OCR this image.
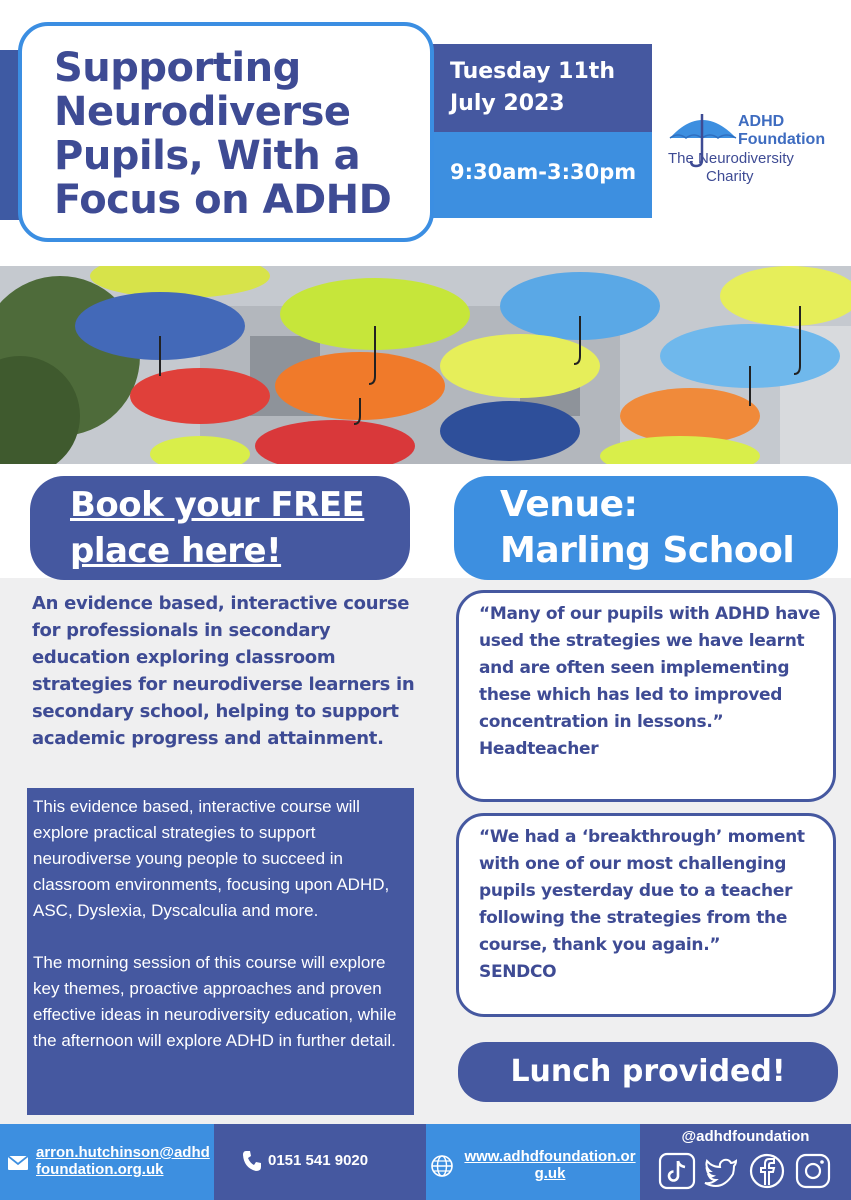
Supporting
Neurodiverse
Pupils, With a
Focus on ADHD
Tuesday 11th
July 2023
9:30am-3:30pm
ADHD
Foundation
The Neurodiversity
Charity
Book your FREE
place here!
Venue:
Marling School
An evidence based, interactive course for professionals in secondary education exploring classroom strategies for neurodiverse learners in secondary school, helping to support academic progress and attainment.

This evidence based, interactive course will explore practical strategies to support neurodiverse young people to succeed in classroom environments, focusing upon ADHD, ASC, Dyslexia, Dyscalculia and more.

The morning session of this course will explore key themes, proactive approaches and proven effective ideas in neurodiversity education, while the afternoon will explore ADHD in further detail.

“Many of our pupils with ADHD have used the strategies we have learnt and are often seen implementing these which has led to improved concentration in lessons.”
Headteacher
“We had a ‘breakthrough’ moment with one of our most challenging pupils yesterday due to a teacher following the strategies from the course, thank you again.”
SENDCO
Lunch provided!
arron.hutchinson@adhdfoundation.org.uk
0151 541 9020	www.adhdfoundation.org.uk
@adhdfoundation
